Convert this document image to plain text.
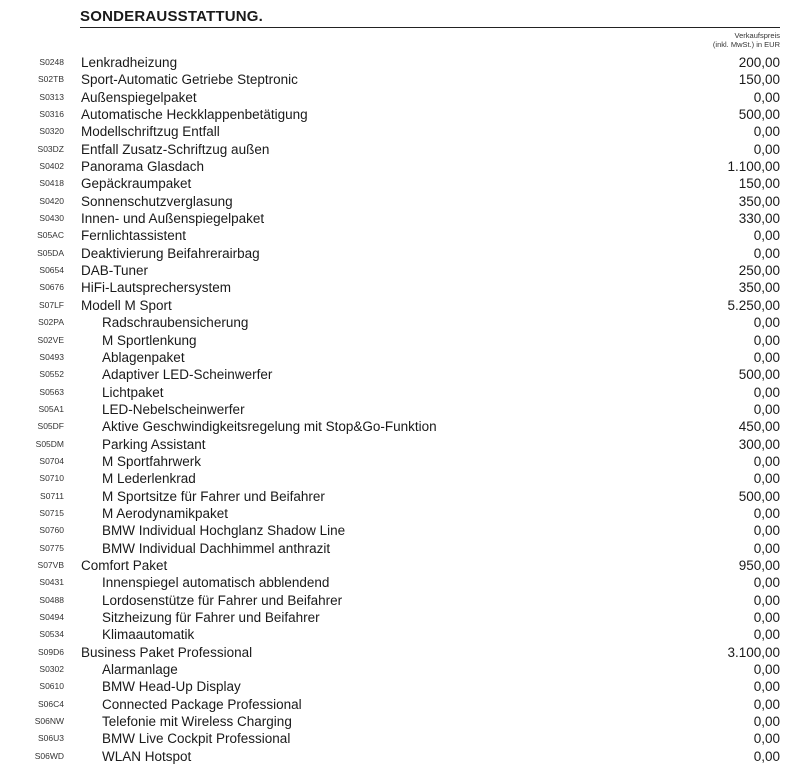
SONDERAUSSTATTUNG.
Verkaufspreis
(inkl. MwSt.) in EUR
S0248 Lenkradheizung	200,00
S02TB Sport-Automatic Getriebe Steptronic	150,00
S0313 Außenspiegelpaket	0,00
S0316 Automatische Heckklappenbetätigung	500,00
S0320 Modellschriftzug Entfall	0,00
S03DZ Entfall Zusatz-Schriftzug außen	0,00
S0402 Panorama Glasdach	1.100,00
S0418 Gepäckraumpaket	150,00
S0420 Sonnenschutzverglasung	350,00
S0430 Innen- und Außenspiegelpaket	330,00
S05AC Fernlichtassistent	0,00
S05DA Deaktivierung Beifahrerairbag	0,00
S0654 DAB-Tuner	250,00
S0676 HiFi-Lautsprechersystem	350,00
S07LF Modell M Sport	5.250,00
S02PA	Radschraubensicherung	0,00
S02VE	M Sportlenkung	0,00
S0493	Ablagenpaket	0,00
S0552	Adaptiver LED-Scheinwerfer	500,00
S0563	Lichtpaket	0,00
S05A1	LED-Nebelscheinwerfer	0,00
S05DF	Aktive Geschwindigkeitsregelung mit Stop&Go-Funktion	450,00
S05DM	Parking Assistant	300,00
S0704	M Sportfahrwerk	0,00
S0710	M Lederlenkrad	0,00
S0711	M Sportsitze für Fahrer und Beifahrer	500,00
S0715	M Aerodynamikpaket	0,00
S0760	BMW Individual Hochglanz Shadow Line	0,00
S0775	BMW Individual Dachhimmel anthrazit	0,00
S07VB Comfort Paket	950,00
S0431	Innenspiegel automatisch abblendend	0,00
S0488	Lordosenstütze für Fahrer und Beifahrer	0,00
S0494	Sitzheizung für Fahrer und Beifahrer	0,00
S0534	Klimaautomatik	0,00
S09D6 Business Paket Professional	3.100,00
S0302	Alarmanlage	0,00
S0610	BMW Head-Up Display	0,00
S06C4	Connected Package Professional	0,00
S06NW	Telefonie mit Wireless Charging	0,00
S06U3	BMW Live Cockpit Professional	0,00
S06WD	WLAN Hotspot	0,00
